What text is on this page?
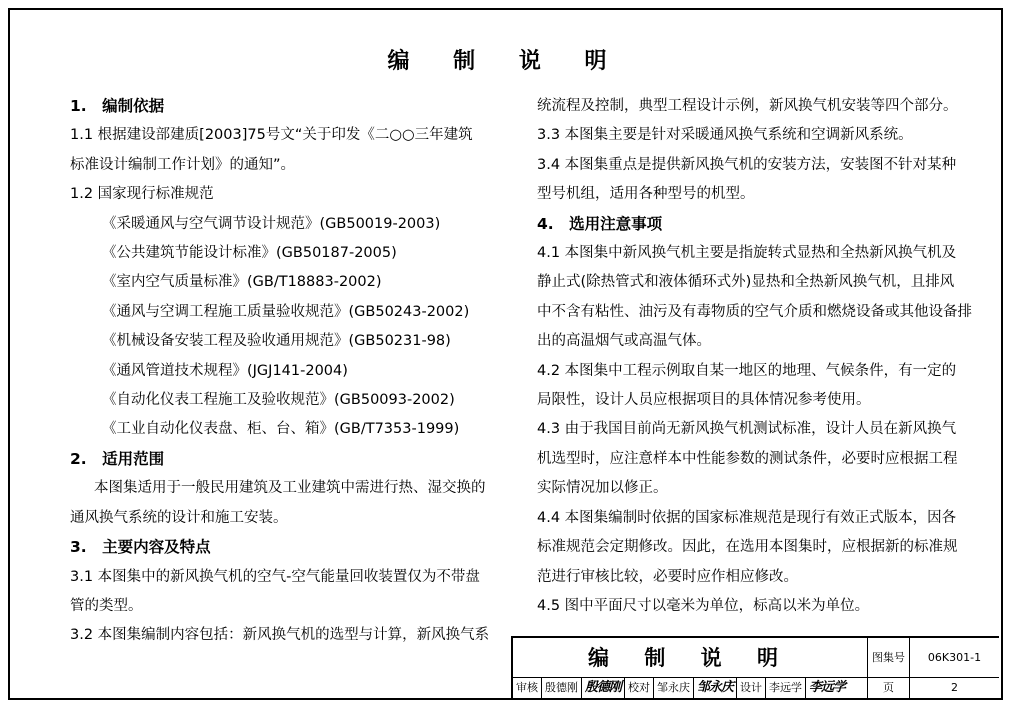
编 制 说 明
1.　编制依据
1.1 根据建设部建质[2003]75号文“关于印发《二○○三年建筑
标准设计编制工作计划》的通知”。
1.2 国家现行标准规范
《采暖通风与空气调节设计规范》(GB50019-2003)
《公共建筑节能设计标准》(GB50187-2005)
《室内空气质量标准》(GB/T18883-2002)
《通风与空调工程施工质量验收规范》(GB50243-2002)
《机械设备安装工程及验收通用规范》(GB50231-98)
《通风管道技术规程》(JGJ141-2004)
《自动化仪表工程施工及验收规范》(GB50093-2002)
《工业自动化仪表盘、柜、台、箱》(GB/T7353-1999)
2.　适用范围
本图集适用于一般民用建筑及工业建筑中需进行热、湿交换的
通风换气系统的设计和施工安装。
3.　主要内容及特点
3.1 本图集中的新风换气机的空气-空气能量回收装置仅为不带盘
管的类型。
3.2 本图集编制内容包括：新风换气机的选型与计算，新风换气系
统流程及控制，典型工程设计示例，新风换气机安装等四个部分。
3.3 本图集主要是针对采暖通风换气系统和空调新风系统。
3.4 本图集重点是提供新风换气机的安装方法，安装图不针对某种
型号机组，适用各种型号的机型。
4.　选用注意事项
4.1 本图集中新风换气机主要是指旋转式显热和全热新风换气机及
静止式(除热管式和液体循环式外)显热和全热新风换气机，且排风
中不含有粘性、油污及有毒物质的空气介质和燃烧设备或其他设备排
出的高温烟气或高温气体。
4.2 本图集中工程示例取自某一地区的地理、气候条件，有一定的
局限性，设计人员应根据项目的具体情况参考使用。
4.3 由于我国目前尚无新风换气机测试标准，设计人员在新风换气
机选型时，应注意样本中性能参数的测试条件，必要时应根据工程
实际情况加以修正。
4.4 本图集编制时依据的国家标准规范是现行有效正式版本，因各
标准规范会定期修改。因此，在选用本图集时，应根据新的标准规
范进行审核比较，必要时应作相应修改。
4.5 图中平面尺寸以毫米为单位，标高以米为单位。
编 制 说 明	图集号	06K301-1
页	2
审核 殷德刚 殷德刚 校对 邹永庆 邹永庆 设计 李远学 李远学
